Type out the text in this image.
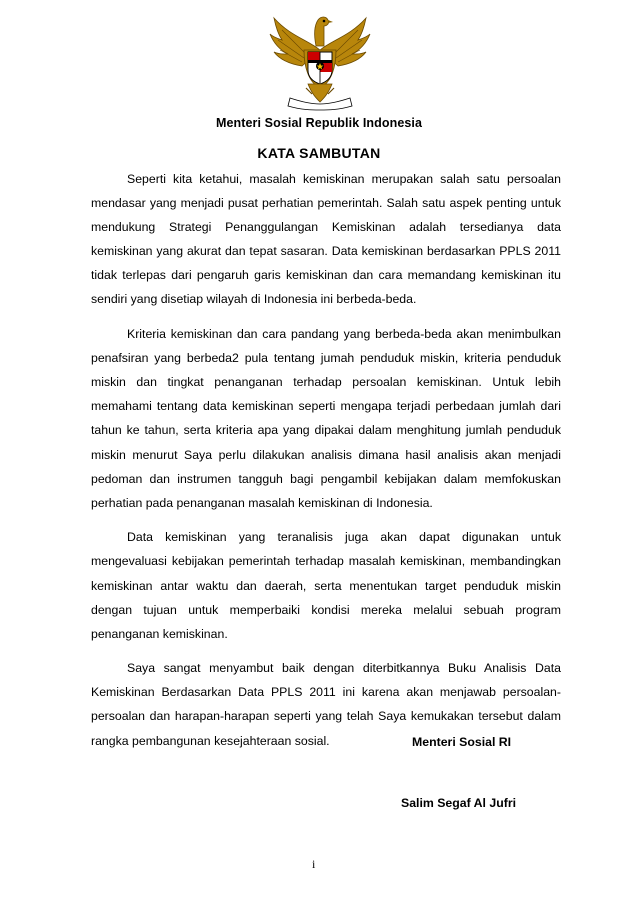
Menteri Sosial Republik Indonesia
KATA SAMBUTAN

Seperti kita ketahui, masalah kemiskinan merupakan salah satu persoalan mendasar yang menjadi pusat perhatian pemerintah. Salah satu aspek penting untuk mendukung Strategi Penanggulangan Kemiskinan adalah tersedianya data kemiskinan yang akurat dan tepat sasaran. Data kemiskinan berdasarkan PPLS 2011 tidak terlepas dari pengaruh garis kemiskinan dan cara memandang kemiskinan itu sendiri yang disetiap wilayah di Indonesia ini berbeda-beda.

Kriteria kemiskinan dan cara pandang yang berbeda-beda akan menimbulkan penafsiran yang berbeda2 pula tentang jumah penduduk miskin, kriteria penduduk miskin dan tingkat penanganan terhadap persoalan kemiskinan. Untuk lebih memahami tentang data kemiskinan seperti mengapa terjadi perbedaan jumlah dari tahun ke tahun, serta kriteria apa yang dipakai dalam menghitung jumlah penduduk miskin menurut Saya perlu dilakukan analisis dimana hasil analisis akan menjadi pedoman dan instrumen tangguh bagi pengambil kebijakan dalam memfokuskan perhatian pada penanganan masalah kemiskinan di Indonesia.

Data kemiskinan yang teranalisis juga akan dapat digunakan untuk mengevaluasi kebijakan pemerintah terhadap masalah kemiskinan, membandingkan kemiskinan antar waktu dan daerah, serta menentukan target penduduk miskin dengan tujuan untuk memperbaiki kondisi mereka melalui sebuah program penanganan kemiskinan.

Saya sangat menyambut baik dengan diterbitkannya Buku Analisis Data Kemiskinan Berdasarkan Data PPLS 2011 ini karena akan menjawab persoalan-persoalan dan harapan-harapan seperti yang telah Saya kemukakan tersebut dalam rangka pembangunan kesejahteraan sosial.	Menteri Sosial RI
Salim Segaf Al Jufri
i
